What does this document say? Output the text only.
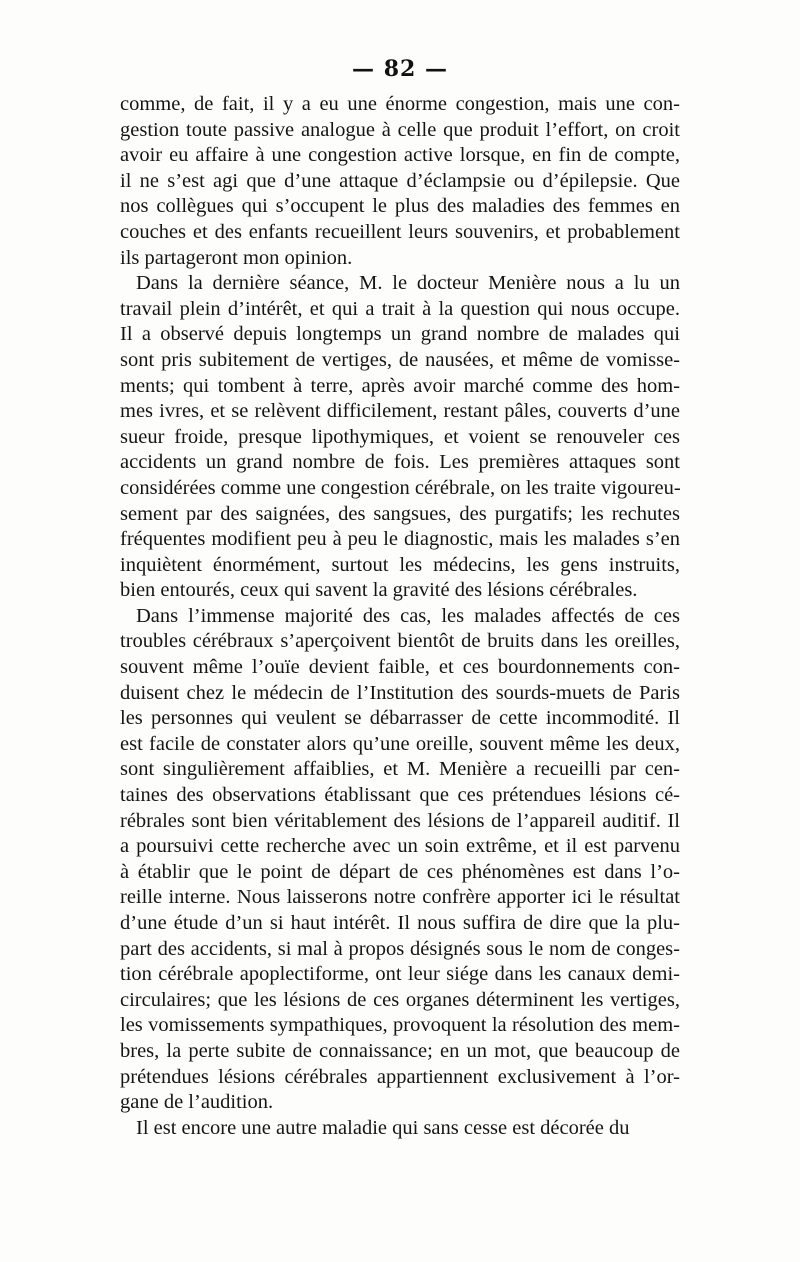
— 82 —
comme, de fait, il y a eu une énorme congestion, mais une con-
gestion toute passive analogue à celle que produit l’effort, on croit
avoir eu affaire à une congestion active lorsque, en fin de compte,
il ne s’est agi que d’une attaque d’éclampsie ou d’épilepsie. Que
nos collègues qui s’occupent le plus des maladies des femmes en
couches et des enfants recueillent leurs souvenirs, et probablement
ils partageront mon opinion.
Dans la dernière séance, M. le docteur Menière nous a lu un
travail plein d’intérêt, et qui a trait à la question qui nous occupe.
Il a observé depuis longtemps un grand nombre de malades qui
sont pris subitement de vertiges, de nausées, et même de vomisse-
ments; qui tombent à terre, après avoir marché comme des hom-
mes ivres, et se relèvent difficilement, restant pâles, couverts d’une
sueur froide, presque lipothymiques, et voient se renouveler ces
accidents un grand nombre de fois. Les premières attaques sont
considérées comme une congestion cérébrale, on les traite vigoureu-
sement par des saignées, des sangsues, des purgatifs; les rechutes
fréquentes modifient peu à peu le diagnostic, mais les malades s’en
inquiètent énormément, surtout les médecins, les gens instruits,
bien entourés, ceux qui savent la gravité des lésions cérébrales.
Dans l’immense majorité des cas, les malades affectés de ces
troubles cérébraux s’aperçoivent bientôt de bruits dans les oreilles,
souvent même l’ouïe devient faible, et ces bourdonnements con-
duisent chez le médecin de l’Institution des sourds-muets de Paris
les personnes qui veulent se débarrasser de cette incommodité. Il
est facile de constater alors qu’une oreille, souvent même les deux,
sont singulièrement affaiblies, et M. Menière a recueilli par cen-
taines des observations établissant que ces prétendues lésions cé-
rébrales sont bien véritablement des lésions de l’appareil auditif. Il
a poursuivi cette recherche avec un soin extrême, et il est parvenu
à établir que le point de départ de ces phénomènes est dans l’o-
reille interne. Nous laisserons notre confrère apporter ici le résultat
d’une étude d’un si haut intérêt. Il nous suffira de dire que la plu-
part des accidents, si mal à propos désignés sous le nom de conges-
tion cérébrale apoplectiforme, ont leur siége dans les canaux demi-
circulaires; que les lésions de ces organes déterminent les vertiges,
les vomissements sympathiques, provoquent la résolution des mem-
bres, la perte subite de connaissance; en un mot, que beaucoup de
prétendues lésions cérébrales appartiennent exclusivement à l’or-
gane de l’audition.
Il est encore une autre maladie qui sans cesse est décorée du
